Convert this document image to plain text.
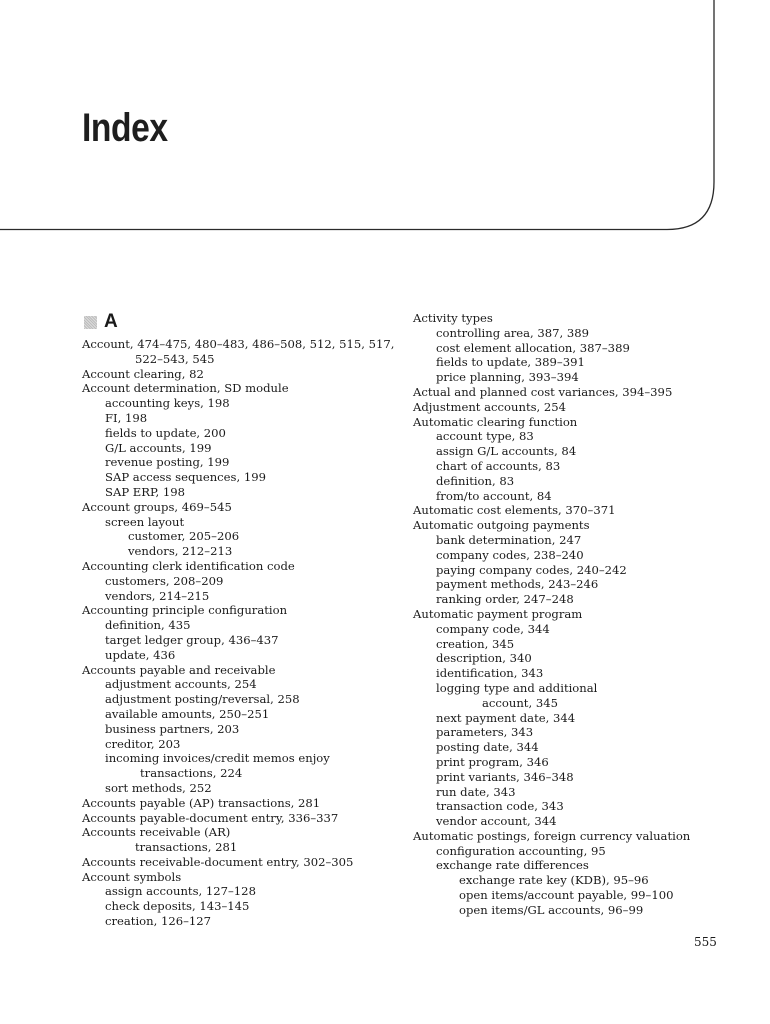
Index
A
Account, 474–475, 480–483, 486–508, 512, 515, 517,
522–543, 545
Account clearing, 82
Account determination, SD module
accounting keys, 198
FI, 198
fields to update, 200
G/L accounts, 199
revenue posting, 199
SAP access sequences, 199
SAP ERP, 198
Account groups, 469–545
screen layout
customer, 205–206
vendors, 212–213
Accounting clerk identification code
customers, 208–209
vendors, 214–215
Accounting principle configuration
definition, 435
target ledger group, 436–437
update, 436
Accounts payable and receivable
adjustment accounts, 254
adjustment posting/reversal, 258
available amounts, 250–251
business partners, 203
creditor, 203
incoming invoices/credit memos enjoy
transactions, 224
sort methods, 252
Accounts payable (AP) transactions, 281
Accounts payable-document entry, 336–337
Accounts receivable (AR)
transactions, 281
Accounts receivable-document entry, 302–305
Account symbols
assign accounts, 127–128
check deposits, 143–145
creation, 126–127
Activity types
controlling area, 387, 389
cost element allocation, 387–389
fields to update, 389–391
price planning, 393–394
Actual and planned cost variances, 394–395
Adjustment accounts, 254
Automatic clearing function
account type, 83
assign G/L accounts, 84
chart of accounts, 83
definition, 83
from/to account, 84
Automatic cost elements, 370–371
Automatic outgoing payments
bank determination, 247
company codes, 238–240
paying company codes, 240–242
payment methods, 243–246
ranking order, 247–248
Automatic payment program
company code, 344
creation, 345
description, 340
identification, 343
logging type and additional
account, 345
next payment date, 344
parameters, 343
posting date, 344
print program, 346
print variants, 346–348
run date, 343
transaction code, 343
vendor account, 344
Automatic postings, foreign currency valuation
configuration accounting, 95
exchange rate differences
exchange rate key (KDB), 95–96
open items/account payable, 99–100
open items/GL accounts, 96–99
555
